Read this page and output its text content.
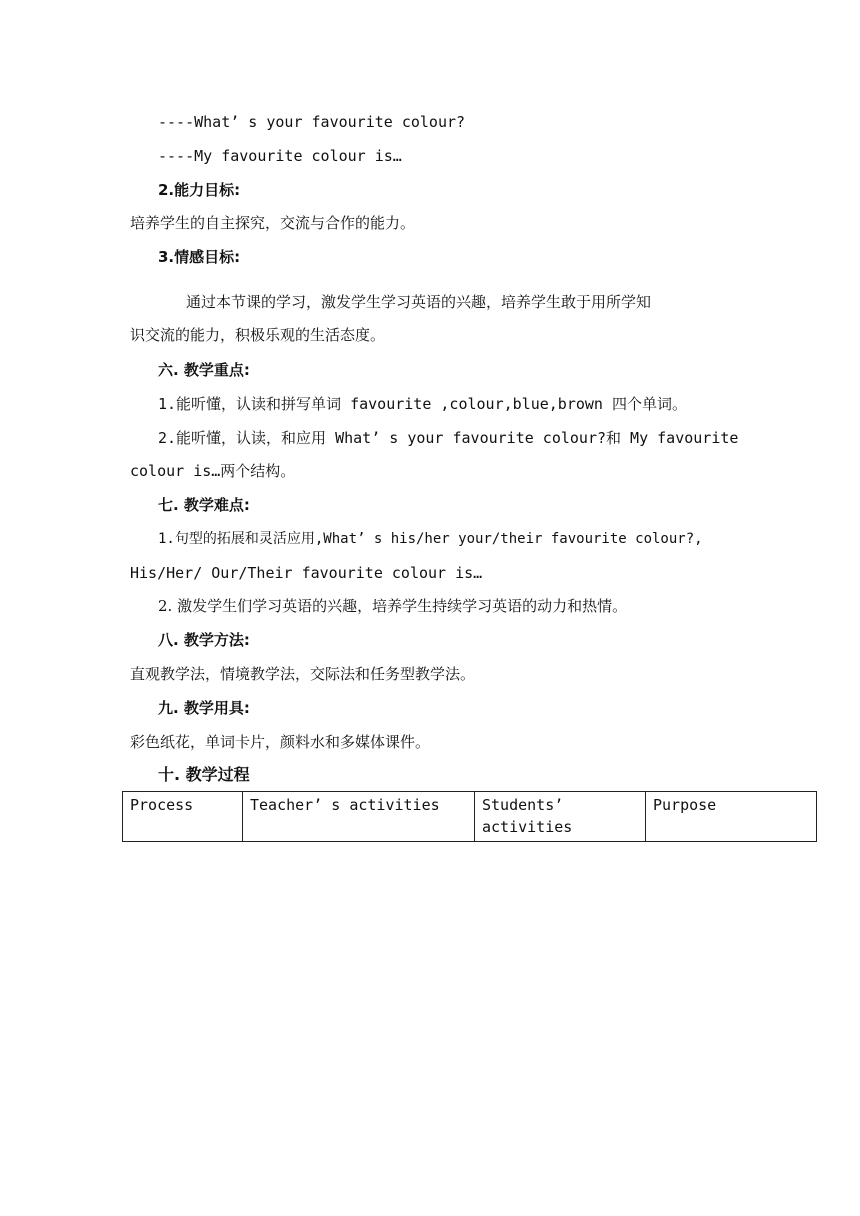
----What’ s your favourite colour?
----My favourite colour is…
2.能力目标:
培养学生的自主探究，交流与合作的能力。
3.情感目标:
通过本节课的学习，激发学生学习英语的兴趣，培养学生敢于用所学知
识交流的能力，积极乐观的生活态度。
六. 教学重点:
1.能听懂，认读和拼写单词 favourite ,colour,blue,brown 四个单词。
2.能听懂，认读，和应用 What’ s your favourite colour?和 My favourite
colour is…两个结构。
七. 教学难点:
1.句型的拓展和灵活应用,What’ s his/her your/their favourite colour?,
His/Her/ Our/Their favourite colour is…
2. 激发学生们学习英语的兴趣，培养学生持续学习英语的动力和热情。
八. 教学方法:
直观教学法，情境教学法，交际法和任务型教学法。
九. 教学用具:
彩色纸花，单词卡片，颜料水和多媒体课件。
十. 教学过程
Process	Teacher’ s activities	Students’ activities	Purpose
